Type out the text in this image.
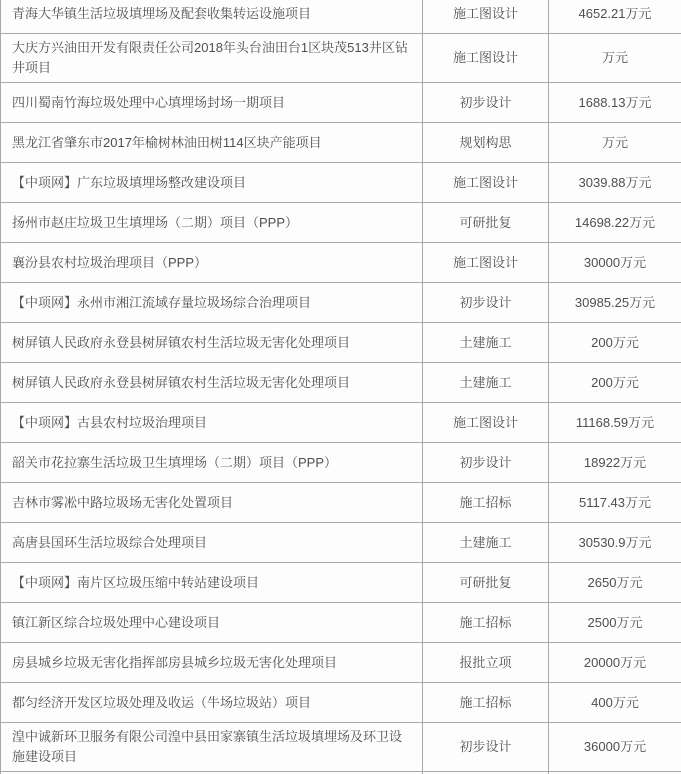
青海大华镇生活垃圾填埋场及配套收集转运设施项目	施工图设计	4652.21万元
大庆方兴油田开发有限责任公司2018年头台油田台1区块茂513井区钻井项目	施工图设计	万元
四川蜀南竹海垃圾处理中心填埋场封场一期项目	初步设计	1688.13万元
黑龙江省肇东市2017年榆树林油田树114区块产能项目	规划构思	万元
【中项网】广东垃圾填埋场整改建设项目	施工图设计	3039.88万元
扬州市赵庄垃圾卫生填埋场（二期）项目（PPP）	可研批复	14698.22万元
襄汾县农村垃圾治理项目（PPP）	施工图设计	30000万元
【中项网】永州市湘江流域存量垃圾场综合治理项目	初步设计	30985.25万元
树屏镇人民政府永登县树屏镇农村生活垃圾无害化处理项目	土建施工	200万元
树屏镇人民政府永登县树屏镇农村生活垃圾无害化处理项目	土建施工	200万元
【中项网】古县农村垃圾治理项目	施工图设计	11168.59万元
韶关市花拉寨生活垃圾卫生填埋场（二期）项目（PPP）	初步设计	18922万元
吉林市雾凇中路垃圾场无害化处置项目	施工招标	5117.43万元
高唐县国环生活垃圾综合处理项目	土建施工	30530.9万元
【中项网】南片区垃圾压缩中转站建设项目	可研批复	2650万元
镇江新区综合垃圾处理中心建设项目	施工招标	2500万元
房县城乡垃圾无害化指挥部房县城乡垃圾无害化处理项目	报批立项	20000万元
都匀经济开发区垃圾处理及收运（牛场垃圾站）项目	施工招标	400万元
湟中诚新环卫服务有限公司湟中县田家寨镇生活垃圾填埋场及环卫设施建设项目	初步设计	36000万元
